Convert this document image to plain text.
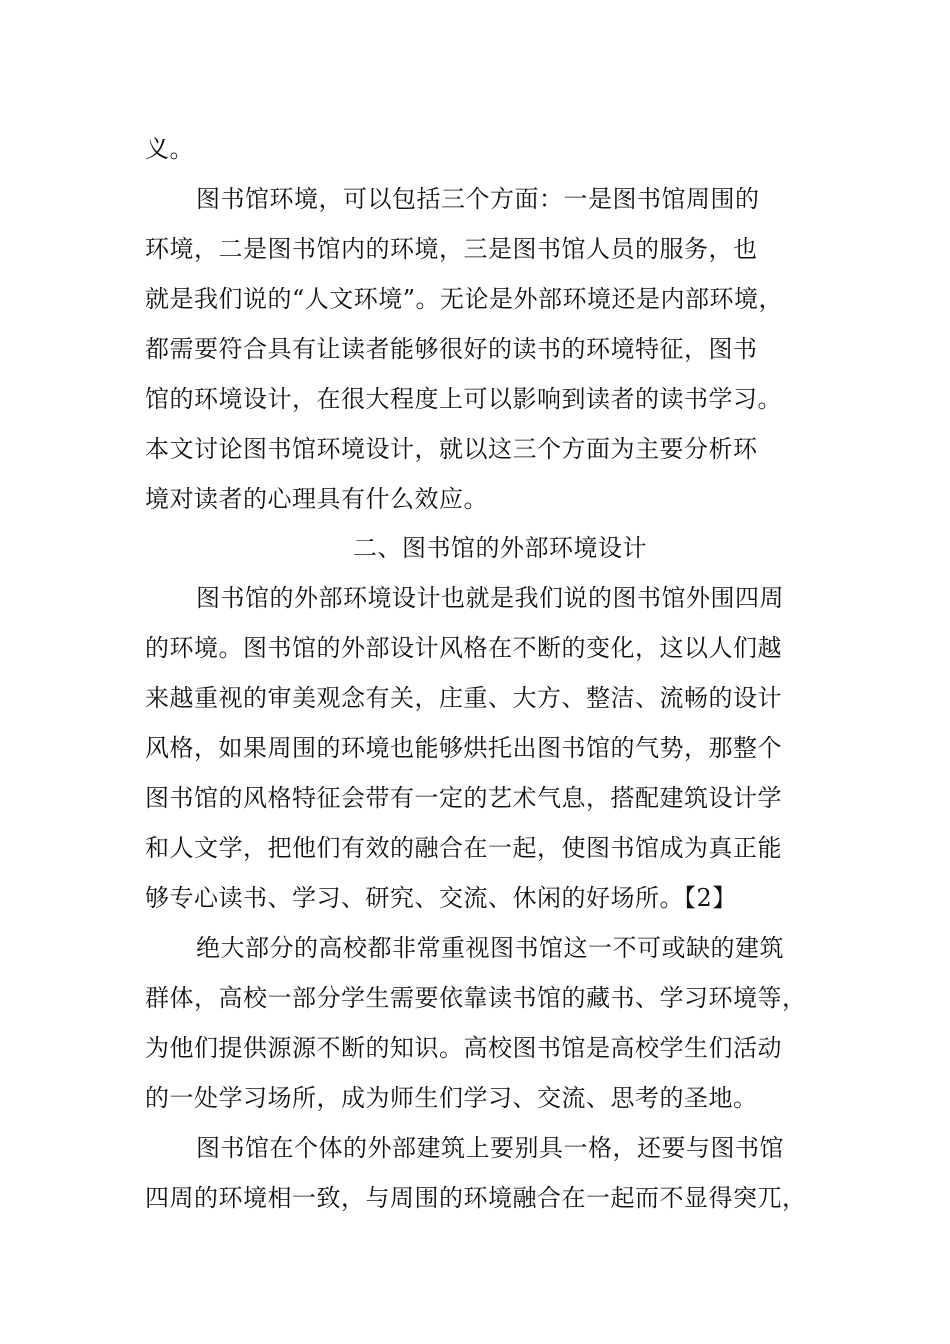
义。
图书馆环境，可以包括三个方面：一是图书馆周围的
环境，二是图书馆内的环境，三是图书馆人员的服务，也
就是我们说的“人文环境”。无论是外部环境还是内部环境，
都需要符合具有让读者能够很好的读书的环境特征，图书
馆的环境设计，在很大程度上可以影响到读者的读书学习。
本文讨论图书馆环境设计，就以这三个方面为主要分析环
境对读者的心理具有什么效应。
二、图书馆的外部环境设计
图书馆的外部环境设计也就是我们说的图书馆外围四周
的环境。图书馆的外部设计风格在不断的变化，这以人们越
来越重视的审美观念有关，庄重、大方、整洁、流畅的设计
风格，如果周围的环境也能够烘托出图书馆的气势，那整个
图书馆的风格特征会带有一定的艺术气息，搭配建筑设计学
和人文学，把他们有效的融合在一起，使图书馆成为真正能
够专心读书、学习、研究、交流、休闲的好场所。【2】
绝大部分的高校都非常重视图书馆这一不可或缺的建筑
群体，高校一部分学生需要依靠读书馆的藏书、学习环境等，
为他们提供源源不断的知识。高校图书馆是高校学生们活动
的一处学习场所，成为师生们学习、交流、思考的圣地。
图书馆在个体的外部建筑上要别具一格，还要与图书馆
四周的环境相一致，与周围的环境融合在一起而不显得突兀，
